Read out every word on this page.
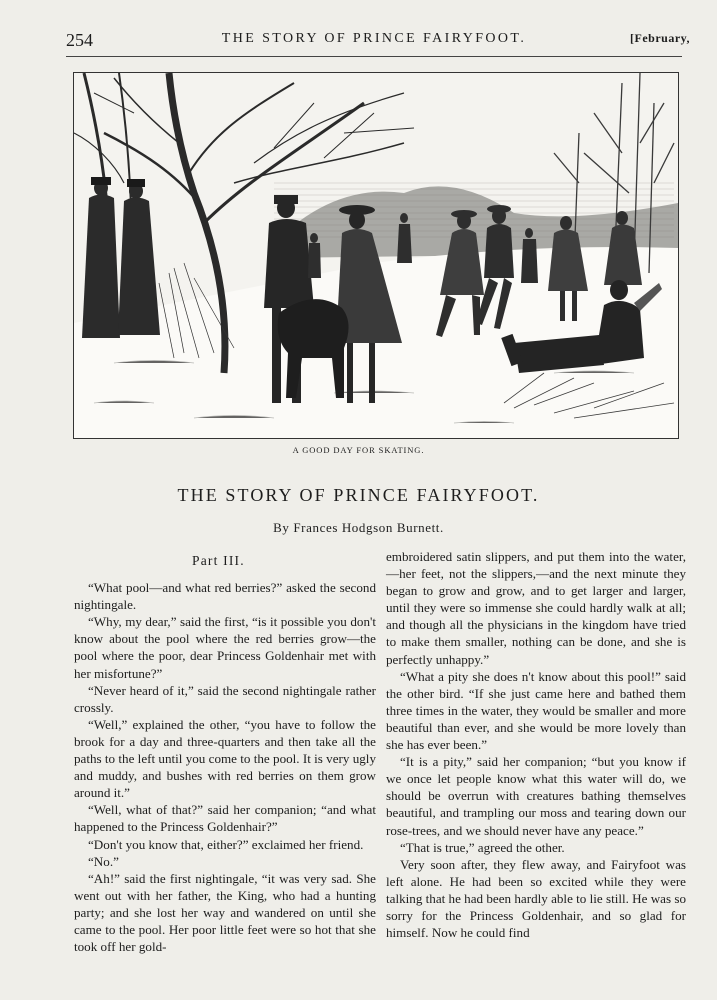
254	THE STORY OF PRINCE FAIRYFOOT.	[February,
A GOOD DAY FOR SKATING.
THE STORY OF PRINCE FAIRYFOOT.
By Frances Hodgson Burnett.
Part III.

“What pool—and what red berries?” asked the second nightingale.

“Why, my dear,” said the first, “is it possible you don't know about the pool where the red berries grow—the pool where the poor, dear Princess Goldenhair met with her misfortune?”

“Never heard of it,” said the second nightingale rather crossly.

“Well,” explained the other, “you have to follow the brook for a day and three-quarters and then take all the paths to the left until you come to the pool. It is very ugly and muddy, and bushes with red berries on them grow around it.”

“Well, what of that?” said her companion; “and what happened to the Princess Goldenhair?”

“Don't you know that, either?” exclaimed her friend.

“No.”

“Ah!” said the first nightingale, “it was very sad. She went out with her father, the King, who had a hunting party; and she lost her way and wandered on until she came to the pool. Her poor little feet were so hot that she took off her gold-

embroidered satin slippers, and put them into the water,—her feet, not the slippers,—and the next minute they began to grow and grow, and to get larger and larger, until they were so immense she could hardly walk at all; and though all the physicians in the kingdom have tried to make them smaller, nothing can be done, and she is perfectly unhappy.”

“What a pity she does n't know about this pool!” said the other bird. “If she just came here and bathed them three times in the water, they would be smaller and more beautiful than ever, and she would be more lovely than she has ever been.”

“It is a pity,” said her companion; “but you know if we once let people know what this water will do, we should be overrun with creatures bathing themselves beautiful, and trampling our moss and tearing down our rose-trees, and we should never have any peace.”

“That is true,” agreed the other.

Very soon after, they flew away, and Fairyfoot was left alone. He had been so excited while they were talking that he had been hardly able to lie still. He was so sorry for the Princess Goldenhair, and so glad for himself. Now he could find
